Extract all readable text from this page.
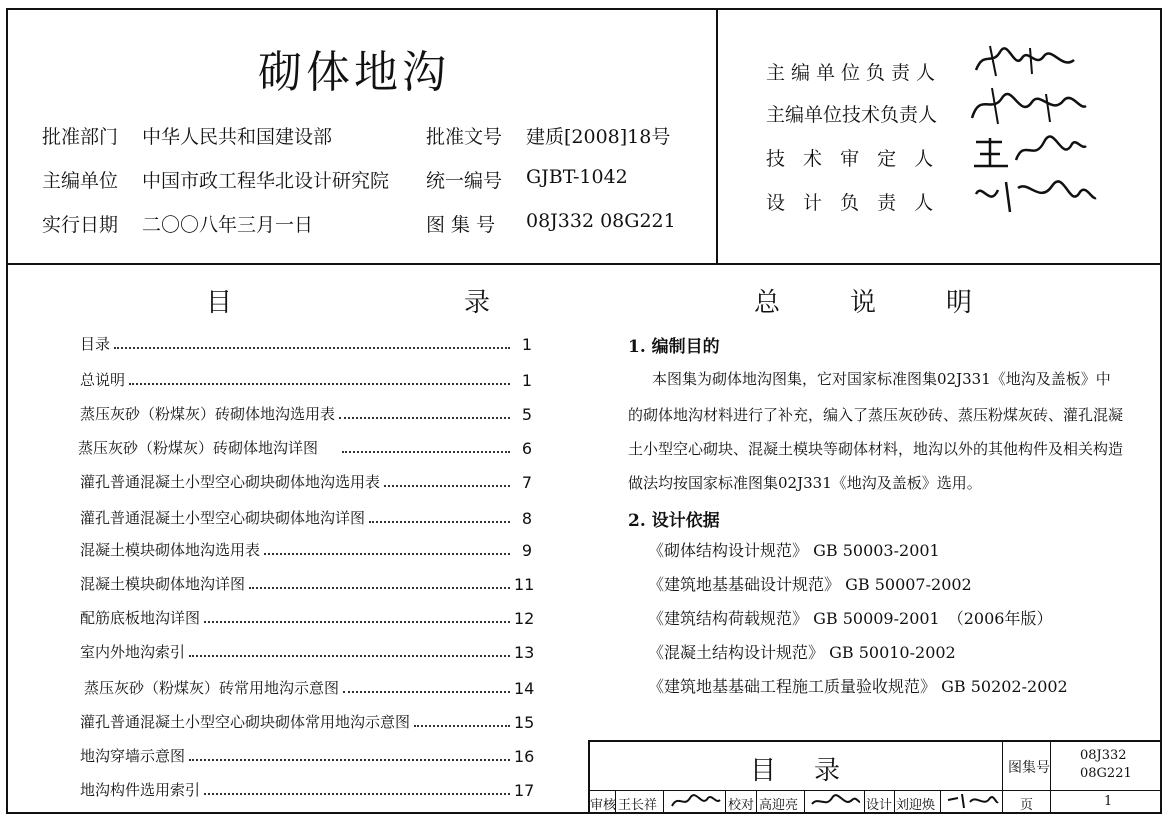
砌体地沟
批准部门 中华人民共和国建设部	批准文号 建质[2008]18号
主编单位 中国市政工程华北设计研究院 统一编号 GJBT-1042
实行日期 二〇〇八年三月一日	图 集 号 08J332 08G221
主编单位负责人
主编单位技术负责人
技 术 审 定 人
设 计 负 责 人
目　　录
目录	1
总说明	1
蒸压灰砂（粉煤灰）砖砌体地沟选用表	5
蒸压灰砂（粉煤灰）砖砌体地沟详图	6
灌孔普通混凝土小型空心砌块砌体地沟选用表	7
灌孔普通混凝土小型空心砌块砌体地沟详图	8
混凝土模块砌体地沟选用表	9
混凝土模块砌体地沟详图	11
配筋底板地沟详图	12
室内外地沟索引	13
蒸压灰砂（粉煤灰）砖常用地沟示意图	14
灌孔普通混凝土小型空心砌块砌体常用地沟示意图	15
地沟穿墙示意图	16
地沟构件选用索引	17
总　说　明
1. 编制目的
本图集为砌体地沟图集，它对国家标准图集02J331《地沟及盖板》中
的砌体地沟材料进行了补充，编入了蒸压灰砂砖、蒸压粉煤灰砖、灌孔混凝
土小型空心砌块、混凝土模块等砌体材料，地沟以外的其他构件及相关构造
做法均按国家标准图集02J331《地沟及盖板》选用。
2. 设计依据
《砌体结构设计规范》 GB 50003-2001
《建筑地基基础设计规范》 GB 50007-2002
《建筑结构荷载规范》 GB 50009-2001　（2006年版）
《混凝土结构设计规范》 GB 50010-2002
《建筑地基基础工程施工质量验收规范》 GB 50202-2002
目　录	图集号
08J332
08G221
审核 王长祥	校对 高迎亮	设计 刘迎焕	页	1
